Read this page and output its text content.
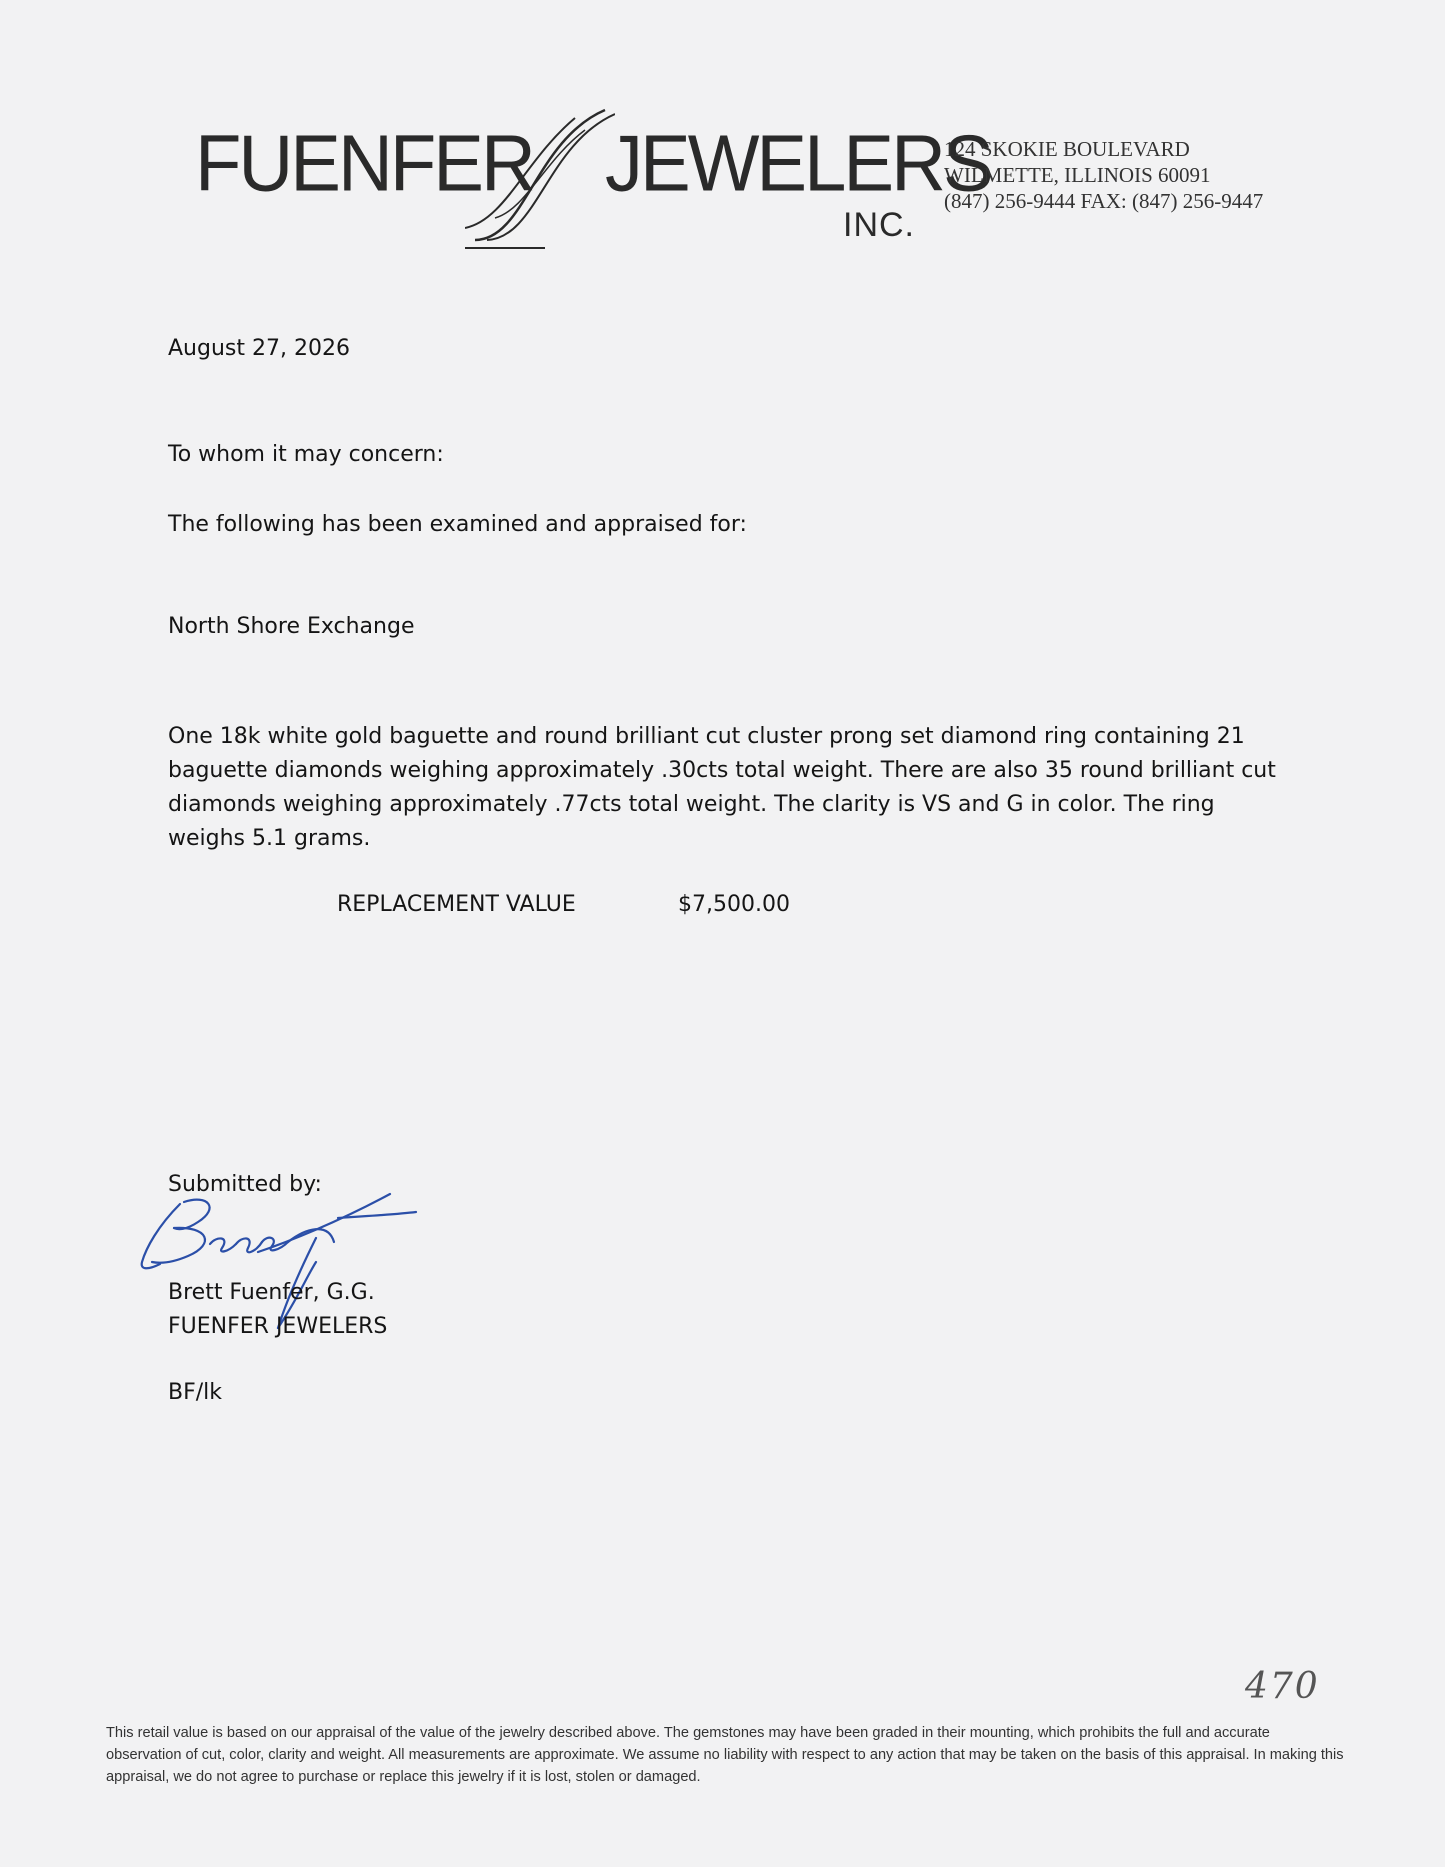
FUENFER JEWELERS
INC.
124 SKOKIE BOULEVARD
WILMETTE, ILLINOIS 60091
(847) 256-9444 FAX: (847) 256-9447
August 27, 2026
To whom it may concern:
The following has been examined and appraised for:
North Shore Exchange
One 18k white gold baguette and round brilliant cut cluster prong set diamond ring containing 21 baguette diamonds weighing approximately .30cts total weight. There are also 35 round brilliant cut diamonds weighing approximately .77cts total weight. The clarity is VS and G in color. The ring weighs 5.1 grams.
REPLACEMENT VALUE	$7,500.00
Submitted by:
Brett Fuenfer, G.G.
FUENFER JEWELERS
BF/lk
470
This retail value is based on our appraisal of the value of the jewelry described above. The gemstones may have been graded in their mounting, which prohibits the full and accurate observation of cut, color, clarity and weight. All measurements are approximate. We assume no liability with respect to any action that may be taken on the basis of this appraisal. In making this appraisal, we do not agree to purchase or replace this jewelry if it is lost, stolen or damaged.
